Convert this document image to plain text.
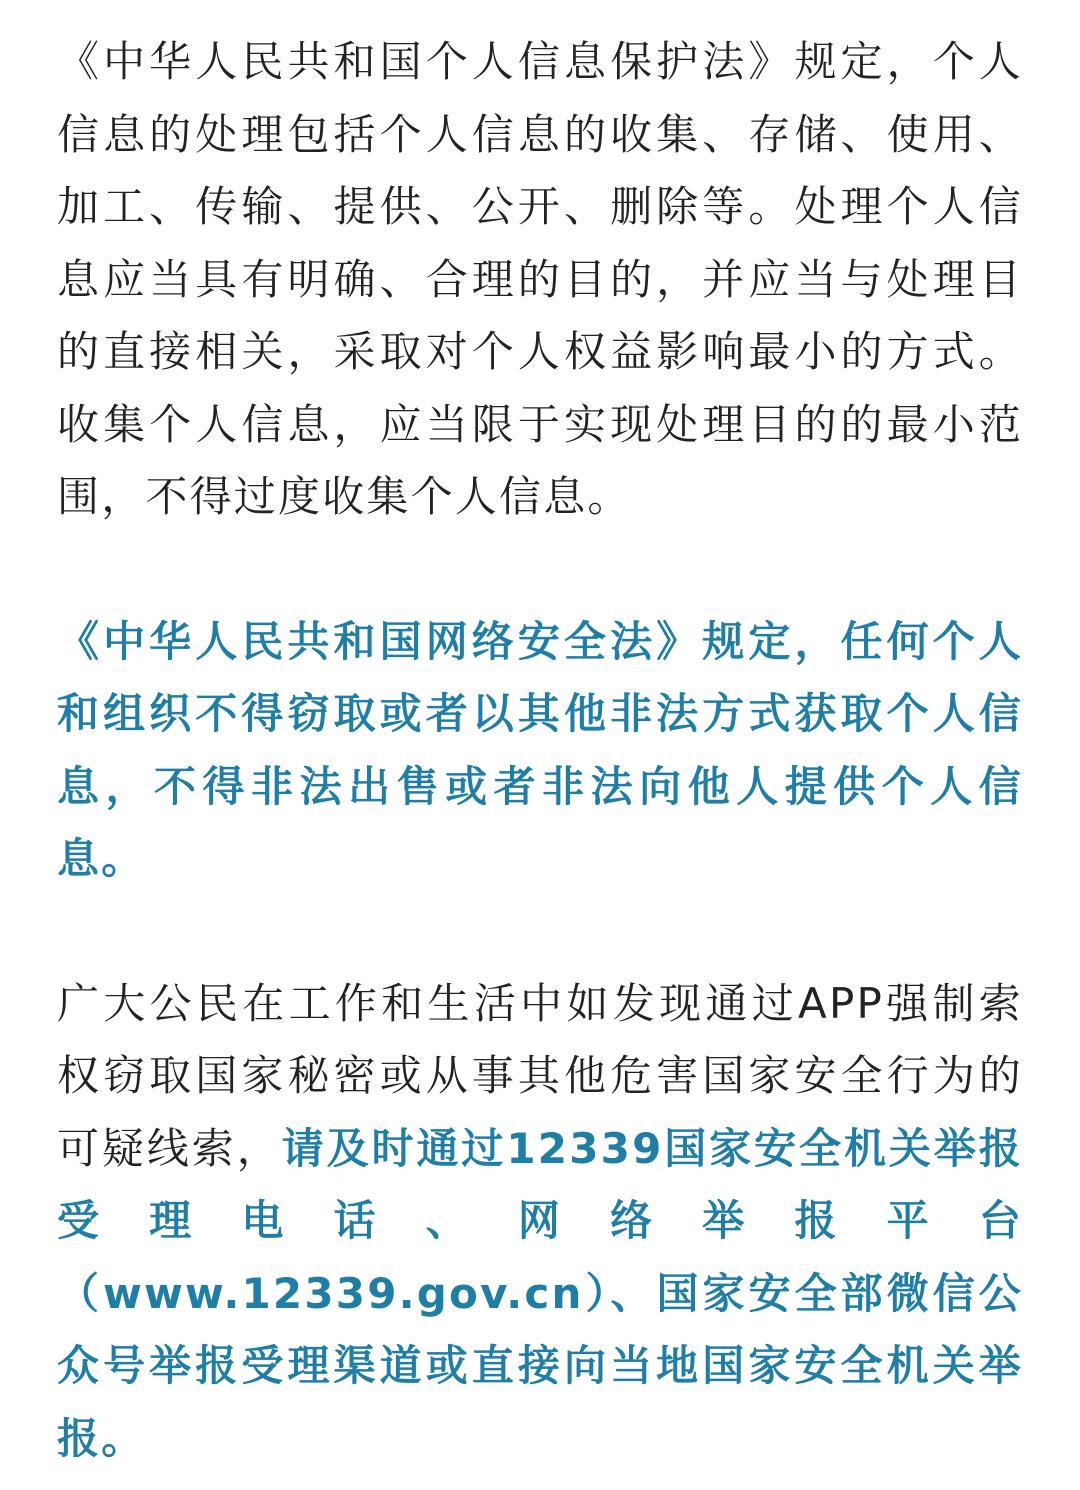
《中华人民共和国个人信息保护法》规定，个人信息的处理包括个人信息的收集、存储、使用、加工、传输、提供、公开、删除等。处理个人信息应当具有明确、合理的目的，并应当与处理目的直接相关，采取对个人权益影响最小的方式。收集个人信息，应当限于实现处理目的的最小范围，不得过度收集个人信息。

《中华人民共和国网络安全法》规定，任何个人和组织不得窃取或者以其他非法方式获取个人信息，不得非法出售或者非法向他人提供个人信息。

广大公民在工作和生活中如发现通过APP强制索权窃取国家秘密或从事其他危害国家安全行为的可疑线索，请及时通过12339国家安全机关举报受理电话、网络举报平台（www.12339.gov.cn）、国家安全部微信公众号举报受理渠道或直接向当地国家安全机关举报。
